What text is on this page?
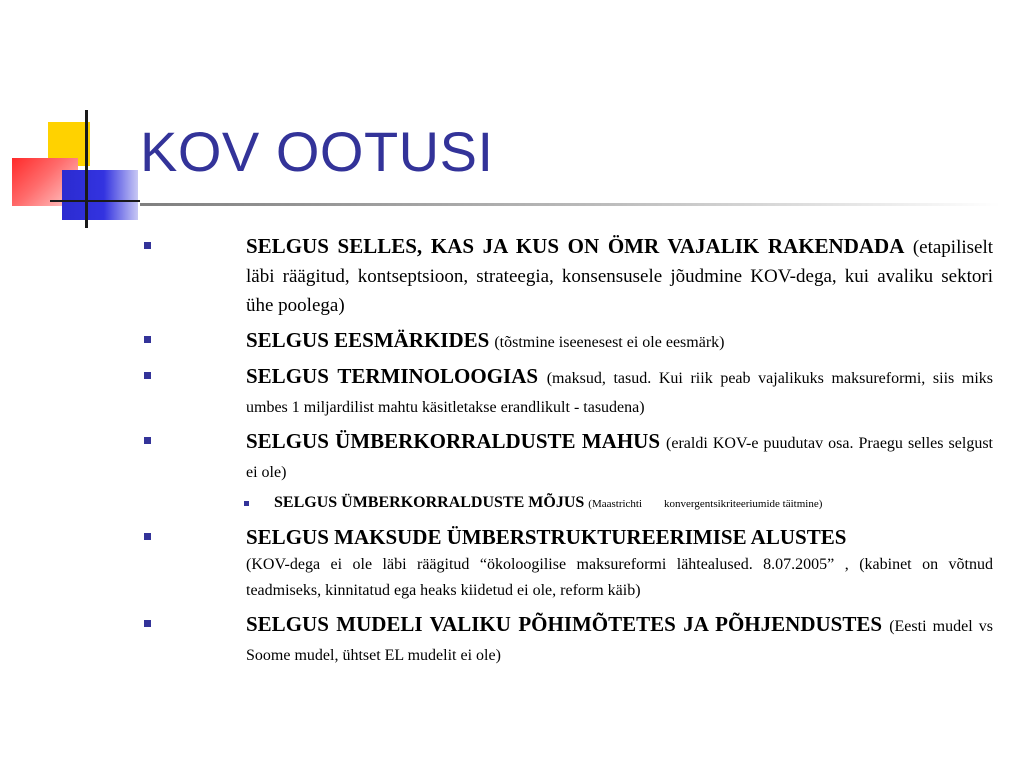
KOV OOTUSI
SELGUS SELLES, KAS JA KUS ON ÖMR VAJALIK RAKENDADA (etapiliselt läbi räägitud, kontseptsioon, strateegia, konsensusele jõudmine KOV-dega, kui avaliku sektori ühe poolega)
SELGUS EESMÄRKIDES (tõstmine iseenesest ei ole eesmärk)
SELGUS TERMINOLOOGIAS (maksud, tasud. Kui riik peab vajalikuks maksureformi, siis miks umbes 1 miljardilist mahtu käsitletakse erandlikult - tasudena)
SELGUS ÜMBERKORRALDUSTE MAHUS (eraldi KOV-e puudutav osa. Praegu selles selgust ei ole)
SELGUS ÜMBERKORRALDUSTE MÕJUS (Maastrichti konvergentsikriteeriumide täitmine)
SELGUS MAKSUDE ÜMBERSTRUKTUREERIMISE ALUSTES
(KOV-dega ei ole läbi räägitud “ökoloogilise maksureformi lähtealused. 8.07.2005” , (kabinet on võtnud teadmiseks, kinnitatud ega heaks kiidetud ei ole, reform käib)
SELGUS MUDELI VALIKU PÕHIMÕTETES JA PÕHJENDUSTES (Eesti mudel vs Soome mudel, ühtset EL mudelit ei ole)
